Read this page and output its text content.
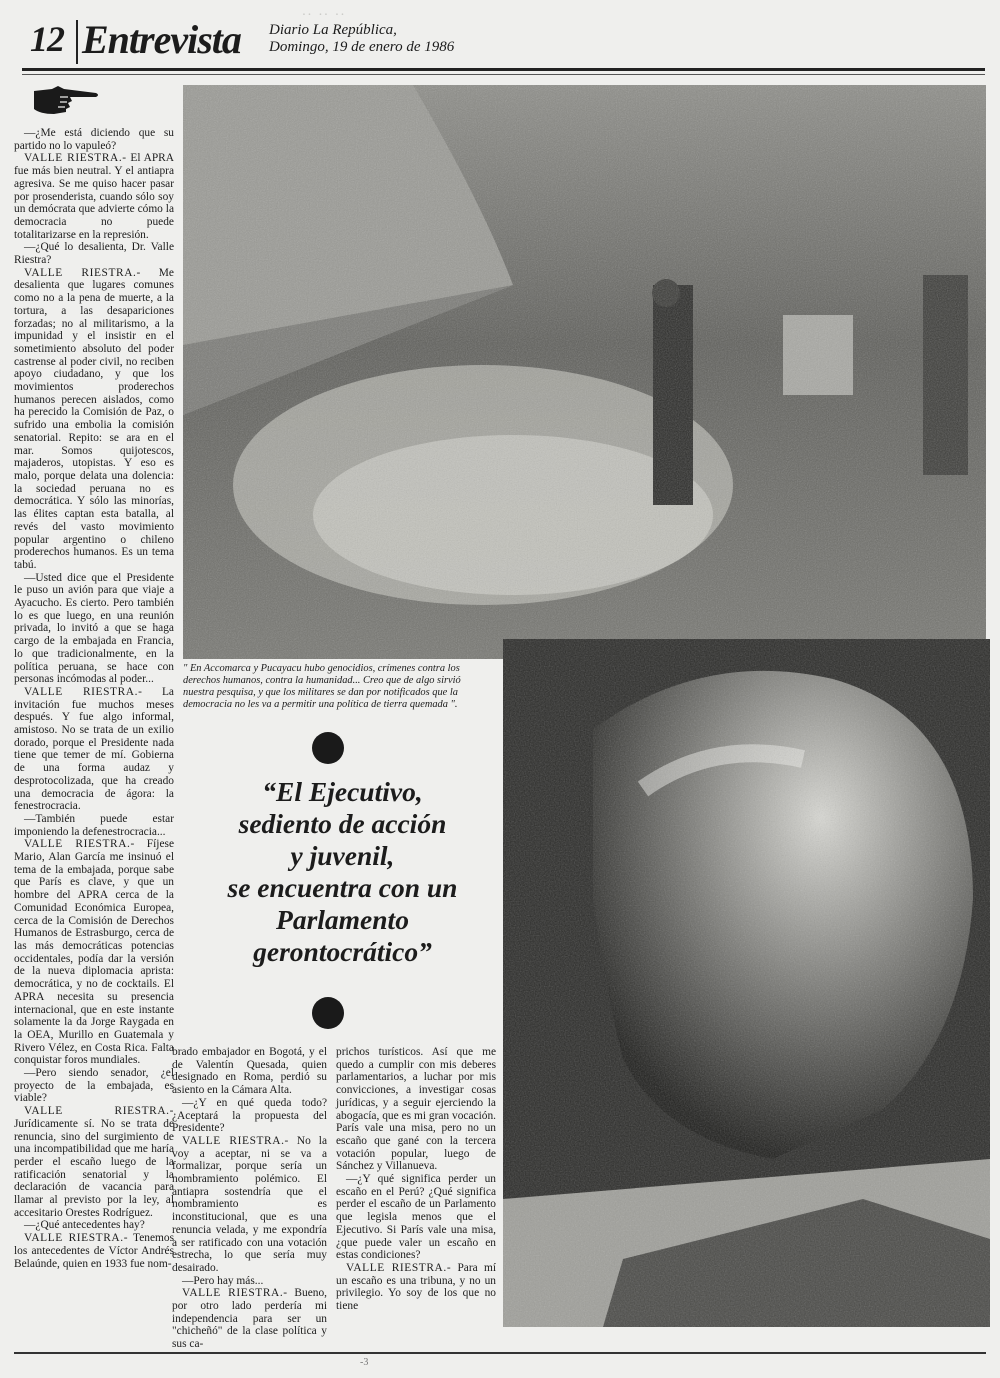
·· ·· ··
12 Entrevista Diario La República,
Domingo, 19 de enero de 1986

—¿Me está diciendo que su partido no lo vapuleó?

VALLE RIESTRA.- El APRA fue más bien neutral. Y el antiapra agresiva. Se me quiso hacer pasar por prosenderista, cuando sólo soy un demócrata que advierte cómo la democracia no puede totalitarizarse en la represión.

—¿Qué lo desalienta, Dr. Valle Riestra?

VALLE RIESTRA.- Me desalienta que lugares comunes como no a la pena de muerte, a la tortura, a las desapariciones forzadas; no al militarismo, a la impunidad y el insistir en el sometimiento absoluto del poder castrense al poder civil, no reciben apoyo ciudadano, y que los movimientos proderechos humanos perecen aislados, como ha perecido la Comisión de Paz, o sufrido una embolia la comisión senatorial. Repito: se ara en el mar. Somos quijotescos, majaderos, utopistas. Y eso es malo, porque delata una dolencia: la sociedad peruana no es democrática. Y sólo las minorías, las élites captan esta batalla, al revés del vasto movimiento popular argentino o chileno proderechos humanos. Es un tema tabú.

—Usted dice que el Presidente le puso un avión para que viaje a Ayacucho. Es cierto. Pero también lo es que luego, en una reunión privada, lo invitó a que se haga cargo de la embajada en Francia, lo que tradicionalmente, en la política peruana, se hace con personas incómodas al poder...

VALLE RIESTRA.- La invitación fue muchos meses después. Y fue algo informal, amistoso. No se trata de un exilio dorado, porque el Presidente nada tiene que temer de mí. Gobierna de una forma audaz y desprotocolizada, que ha creado una democracia de ágora: la fenestrocracia.

—También puede estar imponiendo la defenestrocracia...

VALLE RIESTRA.- Fíjese Mario, Alan García me insinuó el tema de la embajada, porque sabe que París es clave, y que un hombre del APRA cerca de la Comunidad Económica Europea, cerca de la Comisión de Derechos Humanos de Estrasburgo, cerca de las más democráticas potencias occidentales, podía dar la versión de la nueva diplomacia aprista: democrática, y no de cocktails. El APRA necesita su presencia internacional, que en este instante solamente la da Jorge Raygada en la OEA, Murillo en Guatemala y Rivero Vélez, en Costa Rica. Falta conquistar foros mundiales.

—Pero siendo senador, ¿el proyecto de la embajada, es viable?

VALLE RIESTRA.- Jurídicamente sí. No se trata de renuncia, sino del surgimiento de una incompatibilidad que me haría perder el escaño luego de la ratificación senatorial y la declaración de vacancia para llamar al previsto por la ley, al accesitario Orestes Rodríguez.

—¿Qué antecedentes hay?

VALLE RIESTRA.- Tenemos los antecedentes de Víctor Andrés Belaúnde, quien en 1933 fue nom-

" En Accomarca y Pucayacu hubo genocidios, crímenes contra los derechos humanos, contra la humanidad... Creo que de algo sirvió nuestra pesquisa, y que los militares se dan por notificados que la democracia no les va a permitir una política de tierra quemada ".
“El Ejecutivo,
sediento de acción
y juvenil,
se encuentra con un
Parlamento
gerontocrático”

brado embajador en Bogotá, y el de Valentín Quesada, quien designado en Roma, perdió su asiento en la Cámara Alta.

—¿Y en qué queda todo? ¿Aceptará la propuesta del Presidente?

VALLE RIESTRA.- No la voy a aceptar, ni se va a formalizar, porque sería un nombramiento polémico. El antiapra sostendría que el nombramiento es inconstitucional, que es una renuncia velada, y me expondría a ser ratificado con una votación estrecha, lo que sería muy desairado.

—Pero hay más...

VALLE RIESTRA.- Bueno, por otro lado perdería mi independencia para ser un "chicheñó" de la clase política y sus ca-

prichos turísticos. Así que me quedo a cumplir con mis deberes parlamentarios, a luchar por mis convicciones, a investigar cosas jurídicas, y a seguir ejerciendo la abogacía, que es mi gran vocación. París vale una misa, pero no un escaño que gané con la tercera votación popular, luego de Sánchez y Villanueva.

—¿Y qué significa perder un escaño en el Perú? ¿Qué significa perder el escaño de un Parlamento que legisla menos que el Ejecutivo. Si París vale una misa, ¿que puede valer un escaño en estas condiciones?

VALLE RIESTRA.- Para mí un escaño es una tribuna, y no un privilegio. Yo soy de los que no tiene

-3
